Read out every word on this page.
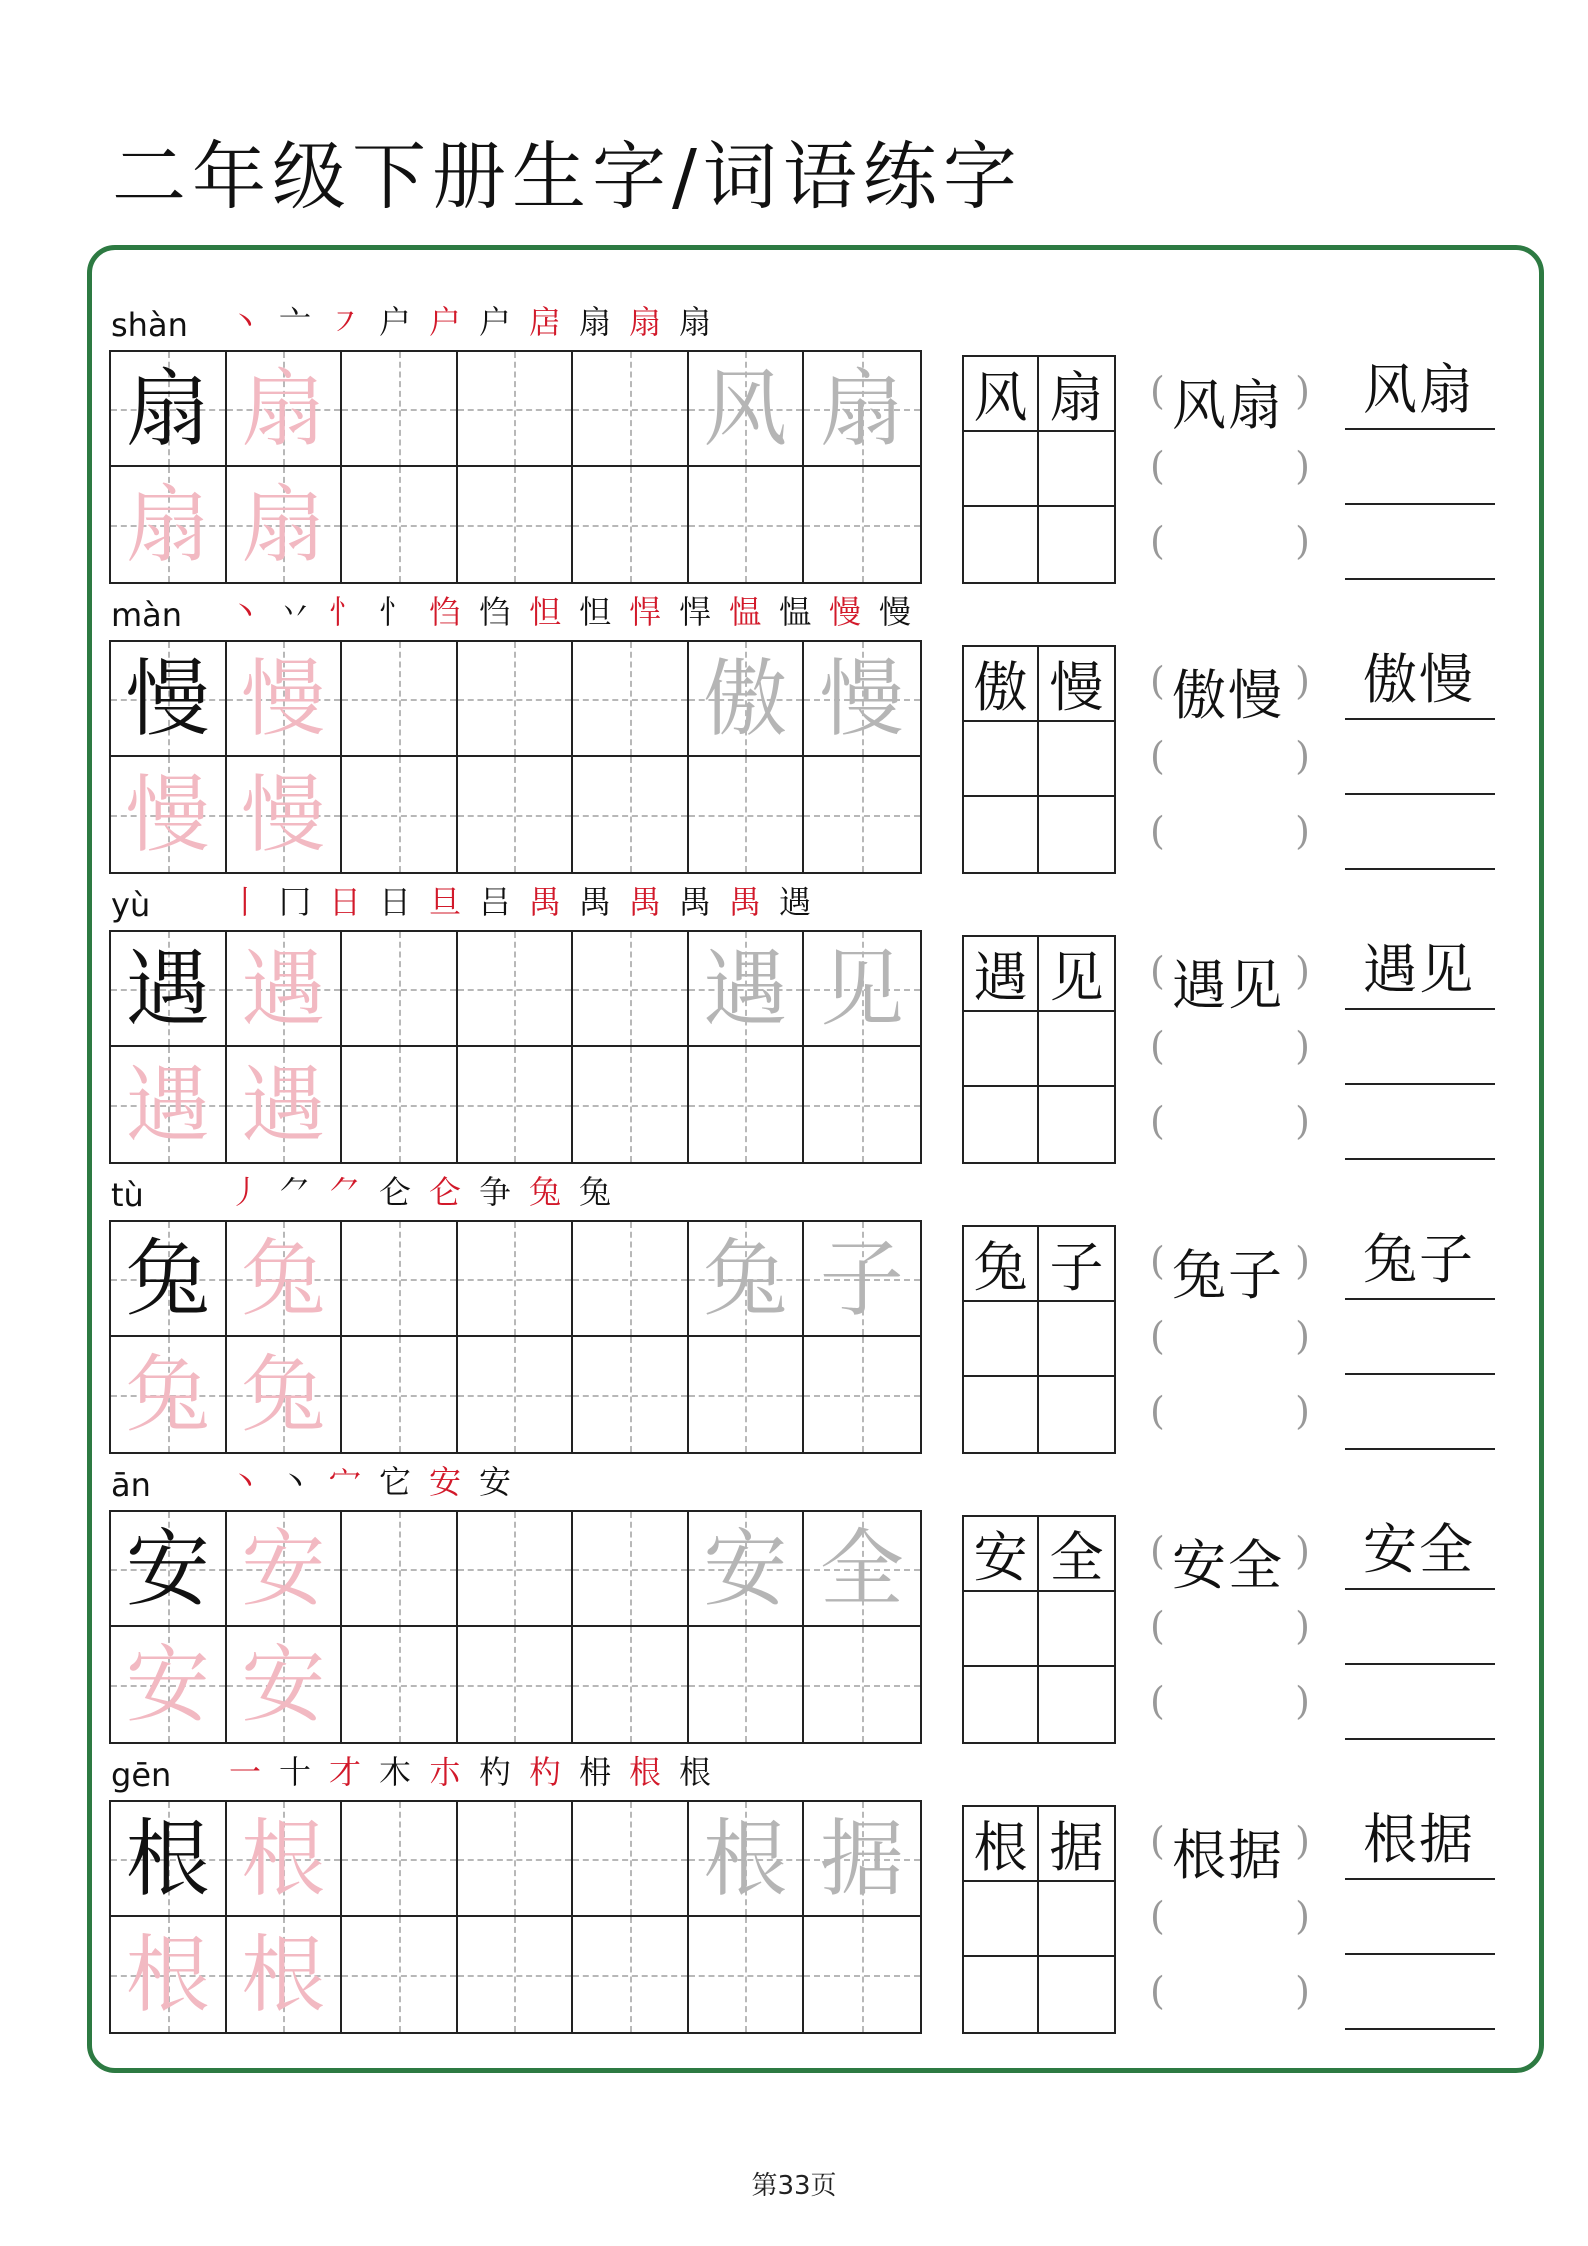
二年级下册生字/词语练字
shàn 丶 亠 ㇇ 户 户 户 扂 扇 扇 扇
扇 扇	风 扇
扇 扇
风 扇 ( 风扇 )
(	)
(	)
风扇
màn 丶 丷 忄 忄 㤘 㤘 怛 怛 悍 悍 愠 愠 慢 慢
慢 慢	傲 慢
慢 慢
傲 慢 ( 傲慢 )
(	)
(	)
傲慢
yù 丨 冂 日 日 旦 吕 禺 禺 禺 禺 禺 遇
遇 遇	遇 见
遇 遇
遇 见 ( 遇见 )
(	)
(	)
遇见
tù	丿 ⺈ ⺈ 仑 仑 争 兔 兔
兔 兔	兔 子
兔 兔
兔 子 ( 兔子 )
(	)
(	)
兔子
ān 丶 丶 宀 它 安 安
安 安	安 全
安 安
安 全 ( 安全 )
(	)
(	)
安全
gēn 一 十 才 木 朩 杓 杓 枏 根 根
根 根	根 据
根 根
根 据 ( 根据 )
(	)
(	)
根据
第33页
